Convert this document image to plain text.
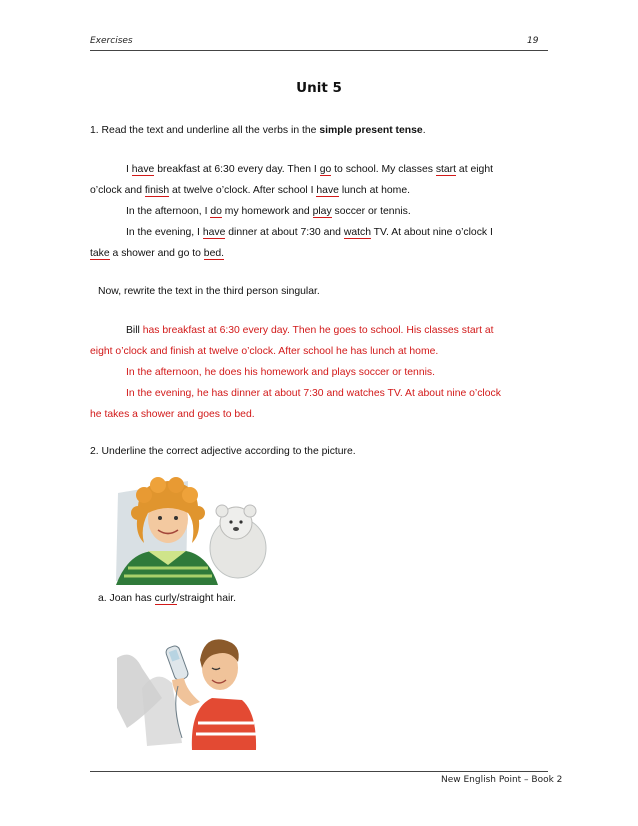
Exercises	19
Unit 5
1. Read the text and underline all the verbs in the simple present tense.
I have breakfast at 6:30 every day. Then I go to school. My classes start at eight
o’clock and finish at twelve o’clock. After school I have lunch at home.
In the afternoon, I do my homework and play soccer or tennis.
In the evening, I have dinner at about 7:30 and watch TV. At about nine o’clock I
take a shower and go to bed.
Now, rewrite the text in the third person singular.
Bill has breakfast at 6:30 every day. Then he goes to school. His classes start at
eight o’clock and finish at twelve o’clock. After school he has lunch at home.
In the afternoon, he does his homework and plays soccer or tennis.
In the evening, he has dinner at about 7:30 and watches TV. At about nine o’clock
he takes a shower and goes to bed.
2. Underline the correct adjective according to the picture.
a. Joan has curly/straight hair.
New English Point – Book 2
